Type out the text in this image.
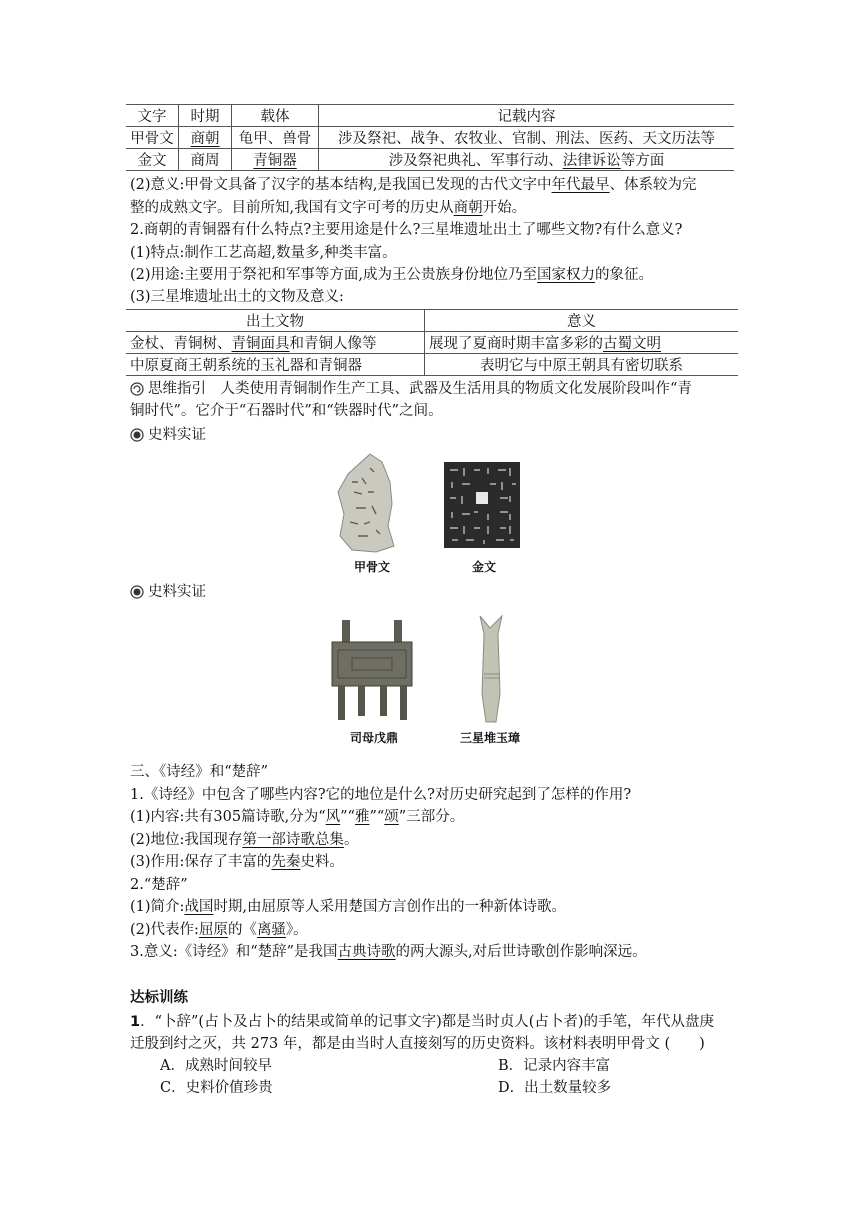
文字	时期	载体	记载内容
甲骨文	商朝	龟甲、兽骨	涉及祭祀、战争、农牧业、官制、刑法、医药、天文历法等
金文	商周	青铜器	涉及祭祀典礼、军事行动、法律诉讼等方面
(2)意义:甲骨文具备了汉字的基本结构,是我国已发现的古代文字中年代最早、体系较为完
整的成熟文字。目前所知,我国有文字可考的历史从商朝开始。
2.商朝的青铜器有什么特点?主要用途是什么?三星堆遗址出土了哪些文物?有什么意义?
(1)特点:制作工艺高超,数量多,种类丰富。
(2)用途:主要用于祭祀和军事等方面,成为王公贵族身份地位乃至国家权力的象征。
(3)三星堆遗址出土的文物及意义:
出土文物	意义
金杖、青铜树、青铜面具和青铜人像等	展现了夏商时期丰富多彩的古蜀文明
中原夏商王朝系统的玉礼器和青铜器	表明它与中原王朝具有密切联系
思维指引　 人类使用青铜制作生产工具、武器及生活用具的物质文化发展阶段叫作“青
铜时代”。它介于“石器时代”和“铁器时代”之间。
史料实证
甲骨文	金文
史料实证
司母戊鼎	三星堆玉璋
三、《诗经》和“楚辞”
1.《诗经》中包含了哪些内容?它的地位是什么?对历史研究起到了怎样的作用?
(1)内容:共有305篇诗歌,分为“风”“雅”“颂”三部分。
(2)地位:我国现存第一部诗歌总集。
(3)作用:保存了丰富的先秦史料。
2.“楚辞”
(1)简介:战国时期,由屈原等人采用楚国方言创作出的一种新体诗歌。
(2)代表作:屈原的《离骚》。
3.意义:《诗经》和“楚辞”是我国古典诗歌的两大源头,对后世诗歌创作影响深远。
达标训练
1．“卜辞”(占卜及占卜的结果或简单的记事文字)都是当时贞人(占卜者)的手笔，年代从盘庚
迁殷到纣之灭，共 273 年，都是由当时人直接刻写的历史资料。该材料表明甲骨文 (　　)
A．成熟时间较早	B．记录内容丰富
C．史料价值珍贵	D．出土数量较多
